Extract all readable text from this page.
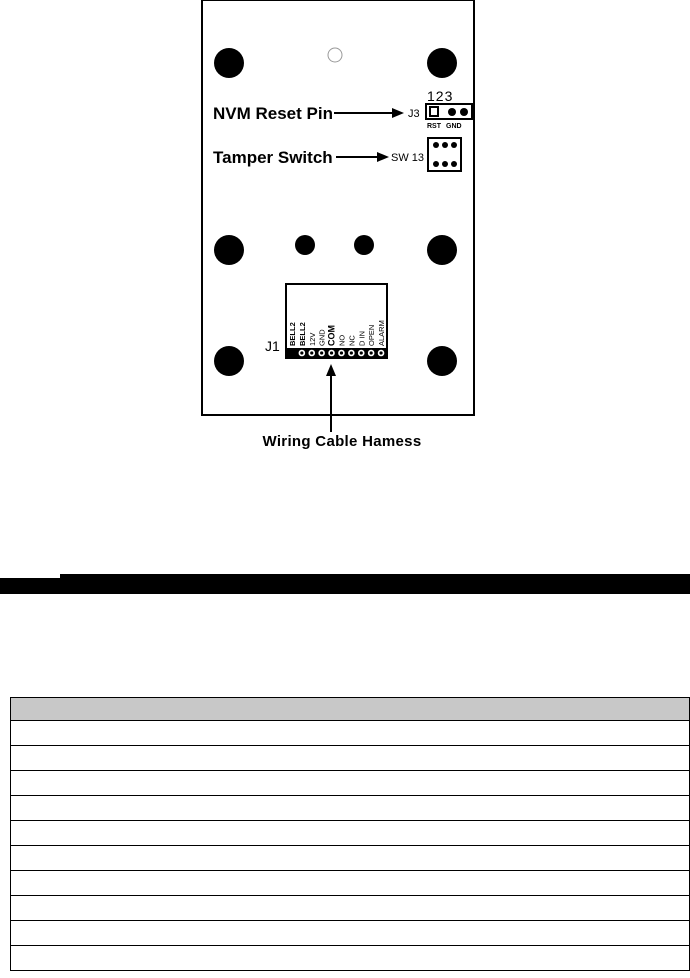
NVM Reset Pin	J3
123
RST GND
Tamper Switch	SW 13
J1 BELL2 BELL2 12V GND COM NO NC D IN OPEN ALARM
Wiring Cable Hamess
